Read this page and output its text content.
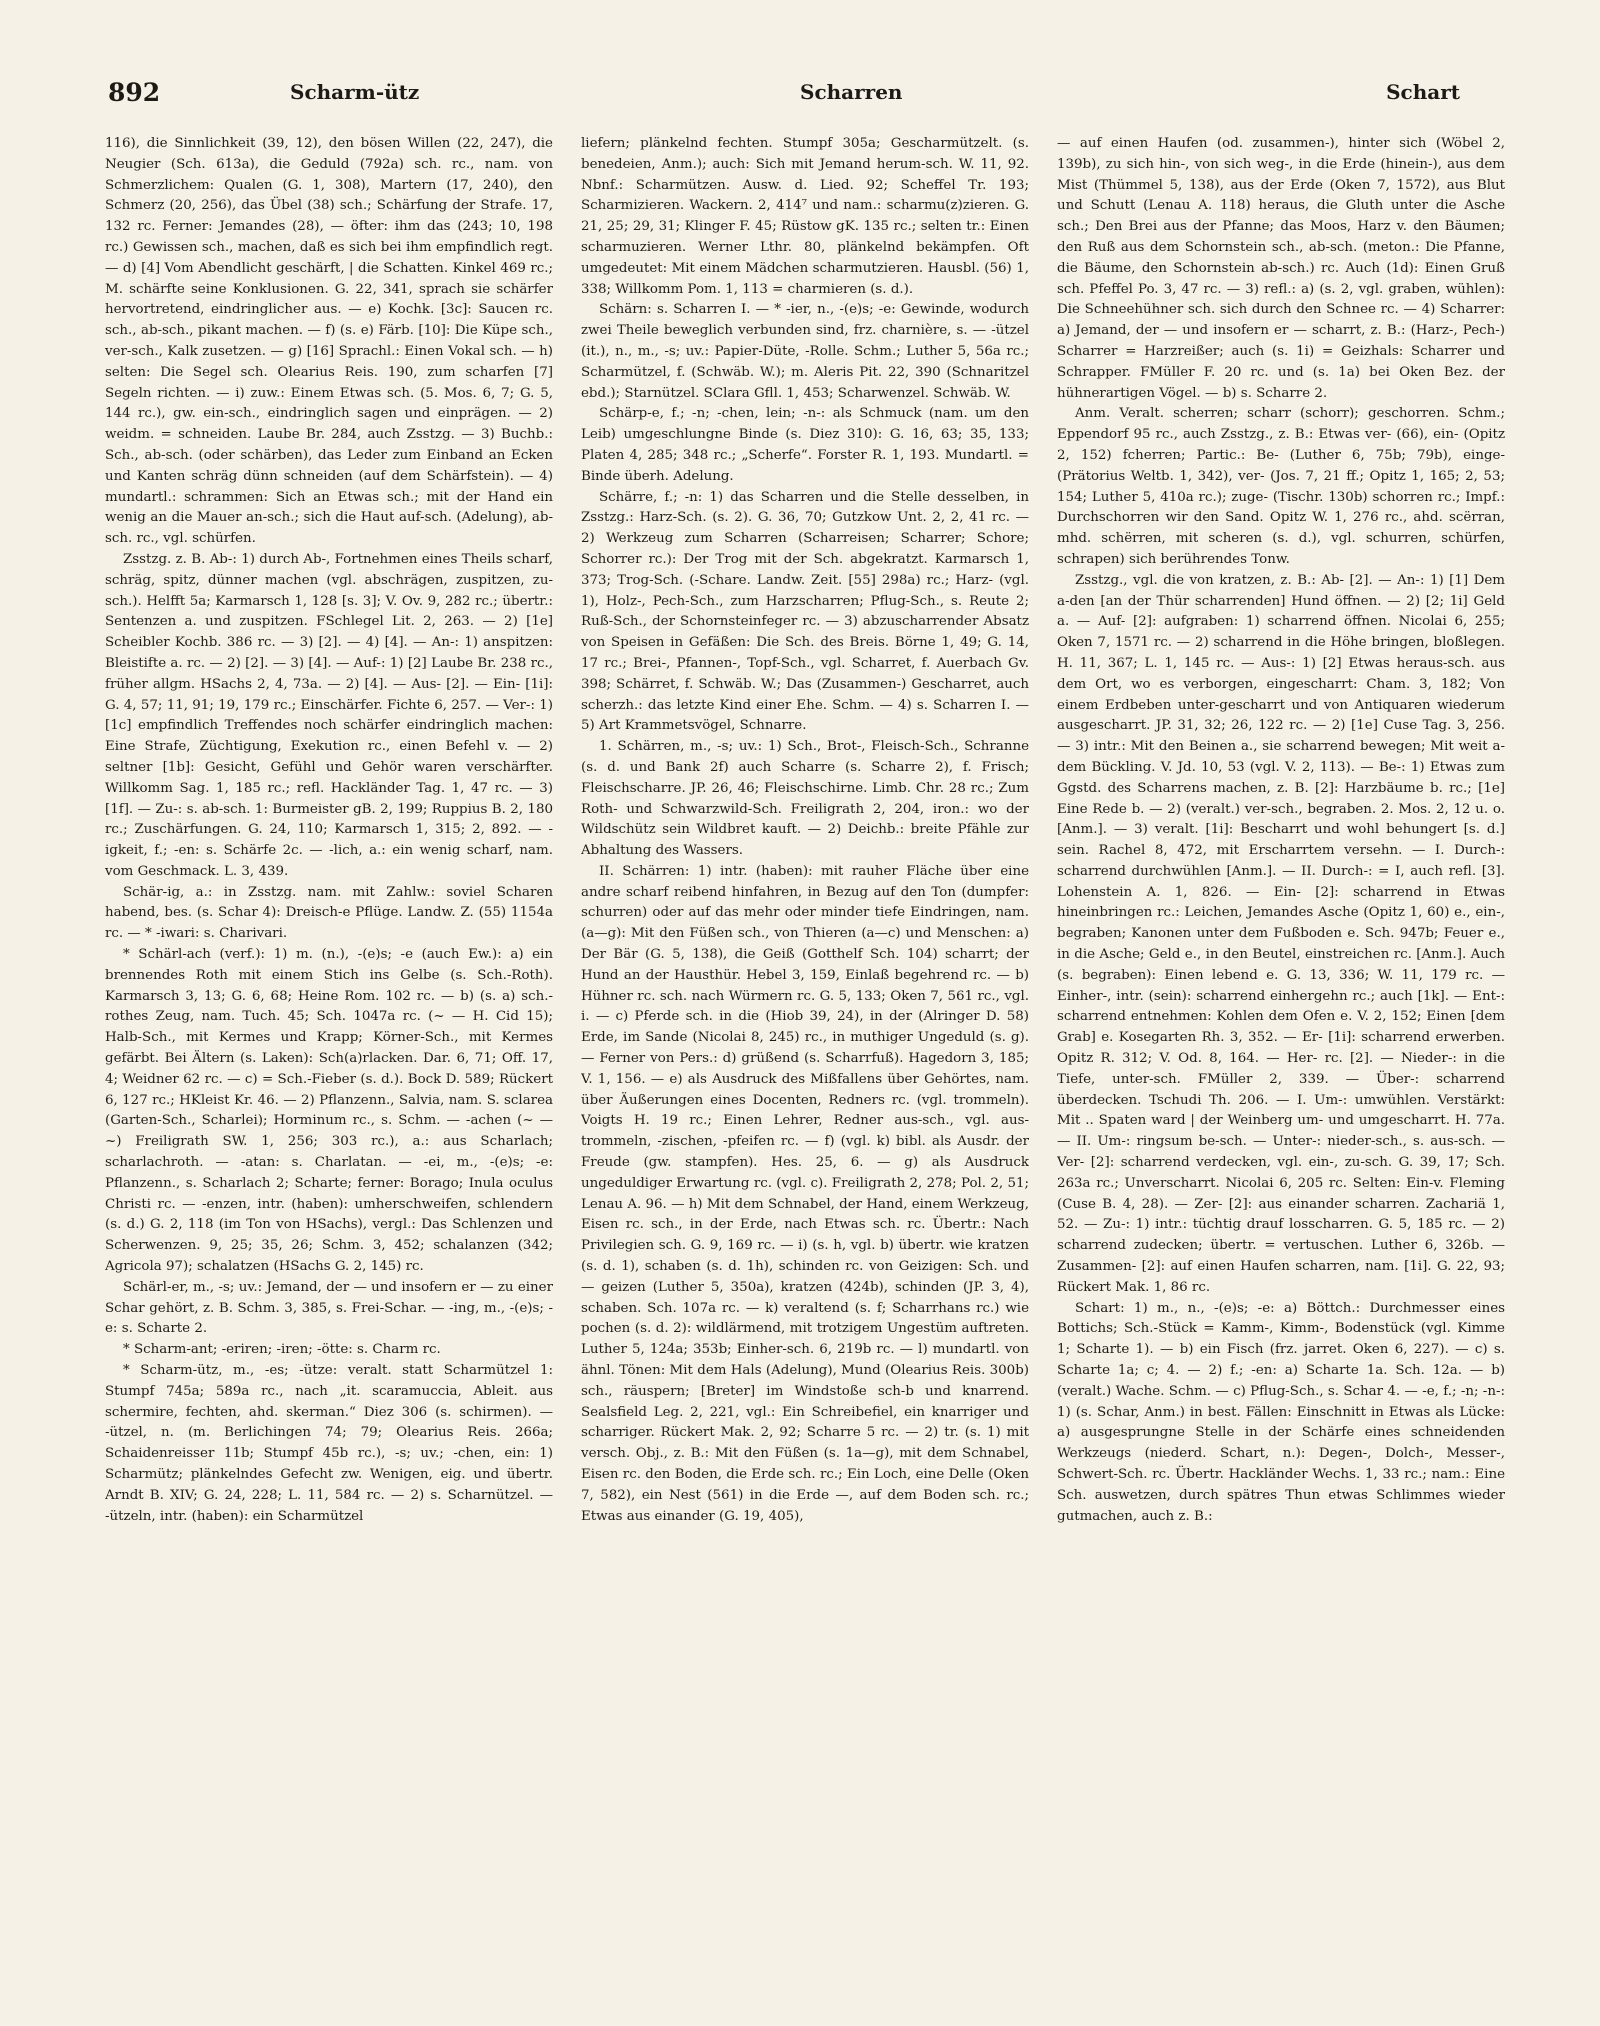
892	Scharm-ütz	Scharren	Schart

116), die Sinnlichkeit (39, 12), den bösen Willen (22, 247), die Neugier (Sch. 613a), die Geduld (792a) sch. rc., nam. von Schmerzlichem: Qualen (G. 1, 308), Martern (17, 240), den Schmerz (20, 256), das Übel (38) sch.; Schärfung der Strafe. 17, 132 rc. Ferner: Jemandes (28), — öfter: ihm das (243; 10, 198 rc.) Gewissen sch., machen, daß es sich bei ihm empfindlich regt. — d) [4] Vom Abendlicht geschärft, | die Schatten. Kinkel 469 rc.; M. schärfte seine Konklusionen. G. 22, 341, sprach sie schärfer hervortretend, eindringlicher aus. — e) Kochk. [3c]: Saucen rc. sch., ab-sch., pikant machen. — f) (s. e) Färb. [10]: Die Küpe sch., ver-sch., Kalk zusetzen. — g) [16] Sprachl.: Einen Vokal sch. — h) selten: Die Segel sch. Olearius Reis. 190, zum scharfen [7] Segeln richten. — i) zuw.: Einem Etwas sch. (5. Mos. 6, 7; G. 5, 144 rc.), gw. ein-sch., eindringlich sagen und einprägen. — 2) weidm. = schneiden. Laube Br. 284, auch Zsstzg. — 3) Buchb.: Sch., ab-sch. (oder schärben), das Leder zum Einband an Ecken und Kanten schräg dünn schneiden (auf dem Schärfstein). — 4) mundartl.: schrammen: Sich an Etwas sch.; mit der Hand ein wenig an die Mauer an-sch.; sich die Haut auf-sch. (Adelung), ab-sch. rc., vgl. schürfen.

Zsstzg. z. B. Ab-: 1) durch Ab-, Fortnehmen eines Theils scharf, schräg, spitz, dünner machen (vgl. abschrägen, zuspitzen, zu-sch.). Helfft 5a; Karmarsch 1, 128 [s. 3]; V. Ov. 9, 282 rc.; übertr.: Sentenzen a. und zuspitzen. FSchlegel Lit. 2, 263. — 2) [1e] Scheibler Kochb. 386 rc. — 3) [2]. — 4) [4]. — An-: 1) anspitzen: Bleistifte a. rc. — 2) [2]. — 3) [4]. — Auf-: 1) [2] Laube Br. 238 rc., früher allgm. HSachs 2, 4, 73a. — 2) [4]. — Aus- [2]. — Ein- [1i]: G. 4, 57; 11, 91; 19, 179 rc.; Einschärfer. Fichte 6, 257. — Ver-: 1) [1c] empfindlich Treffendes noch schärfer eindringlich machen: Eine Strafe, Züchtigung, Exekution rc., einen Befehl v. — 2) seltner [1b]: Gesicht, Gefühl und Gehör waren verschärfter. Willkomm Sag. 1, 185 rc.; refl. Hackländer Tag. 1, 47 rc. — 3) [1f]. — Zu-: s. ab-sch. 1: Burmeister gB. 2, 199; Ruppius B. 2, 180 rc.; Zuschärfungen. G. 24, 110; Karmarsch 1, 315; 2, 892. — -igkeit, f.; -en: s. Schärfe 2c. — -lich, a.: ein wenig scharf, nam. vom Geschmack. L. 3, 439.

Schär-ig, a.: in Zsstzg. nam. mit Zahlw.: soviel Scharen habend, bes. (s. Schar 4): Dreisch-e Pflüge. Landw. Z. (55) 1154a rc. — * -iwari: s. Charivari.

* Schärl-ach (verf.): 1) m. (n.), -(e)s; -e (auch Ew.): a) ein brennendes Roth mit einem Stich ins Gelbe (s. Sch.-Roth). Karmarsch 3, 13; G. 6, 68; Heine Rom. 102 rc. — b) (s. a) sch.-rothes Zeug, nam. Tuch. 45; Sch. 1047a rc. (~ — H. Cid 15); Halb-Sch., mit Kermes und Krapp; Körner-Sch., mit Kermes gefärbt. Bei Ältern (s. Laken): Sch(a)rlacken. Dar. 6, 71; Off. 17, 4; Weidner 62 rc. — c) = Sch.-Fieber (s. d.). Bock D. 589; Rückert 6, 127 rc.; HKleist Kr. 46. — 2) Pflanzenn., Salvia, nam. S. sclarea (Garten-Sch., Scharlei); Horminum rc., s. Schm. — -achen (~ — ~) Freiligrath SW. 1, 256; 303 rc.), a.: aus Scharlach; scharlachroth. — -atan: s. Charlatan. — -ei, m., -(e)s; -e: Pflanzenn., s. Scharlach 2; Scharte; ferner: Borago; Inula oculus Christi rc. — -enzen, intr. (haben): umherschweifen, schlendern (s. d.) G. 2, 118 (im Ton von HSachs), vergl.: Das Schlenzen und Scherwenzen. 9, 25; 35, 26; Schm. 3, 452; schalanzen (342; Agricola 97); schalatzen (HSachs G. 2, 145) rc.

Schärl-er, m., -s; uv.: Jemand, der — und insofern er — zu einer Schar gehört, z. B. Schm. 3, 385, s. Frei-Schar. — -ing, m., -(e)s; -e: s. Scharte 2.

* Scharm-ant; -eriren; -iren; -ötte: s. Charm rc.

* Scharm-ütz, m., -es; -ütze: veralt. statt Scharmützel 1: Stumpf 745a; 589a rc., nach „it. scaramuccia, Ableit. aus schermire, fechten, ahd. skerman.“ Diez 306 (s. schirmen). — -ützel, n. (m. Berlichingen 74; 79; Olearius Reis. 266a; Schaidenreisser 11b; Stumpf 45b rc.), -s; uv.; -chen, ein: 1) Scharmütz; plänkelndes Gefecht zw. Wenigen, eig. und übertr. Arndt B. XIV; G. 24, 228; L. 11, 584 rc. — 2) s. Scharnützel. — -ützeln, intr. (haben): ein Scharmützel

liefern; plänkelnd fechten. Stumpf 305a; Gescharmützelt. (s. benedeien, Anm.); auch: Sich mit Jemand herum-sch. W. 11, 92. Nbnf.: Scharmützen. Ausw. d. Lied. 92; Scheffel Tr. 193; Scharmizieren. Wackern. 2, 414⁷ und nam.: scharmu(z)zieren. G. 21, 25; 29, 31; Klinger F. 45; Rüstow gK. 135 rc.; selten tr.: Einen scharmuzieren. Werner Lthr. 80, plänkelnd bekämpfen. Oft umgedeutet: Mit einem Mädchen scharmutzieren. Hausbl. (56) 1, 338; Willkomm Pom. 1, 113 = charmieren (s. d.).

Schärn: s. Scharren I. — * -ier, n., -(e)s; -e: Gewinde, wodurch zwei Theile beweglich verbunden sind, frz. charnière, s. — -ützel (it.), n., m., -s; uv.: Papier-Düte, -Rolle. Schm.; Luther 5, 56a rc.; Scharmützel, f. (Schwäb. W.); m. Aleris Pit. 22, 390 (Schnaritzel ebd.); Starnützel. SClara Gfll. 1, 453; Scharwenzel. Schwäb. W.

Schärp-e, f.; -n; -chen, lein; -n-: als Schmuck (nam. um den Leib) umgeschlungne Binde (s. Diez 310): G. 16, 63; 35, 133; Platen 4, 285; 348 rc.; „Scherfe“. Forster R. 1, 193. Mundartl. = Binde überh. Adelung.

Schärre, f.; -n: 1) das Scharren und die Stelle desselben, in Zsstzg.: Harz-Sch. (s. 2). G. 36, 70; Gutzkow Unt. 2, 2, 41 rc. — 2) Werkzeug zum Scharren (Scharreisen; Scharrer; Schore; Schorrer rc.): Der Trog mit der Sch. abgekratzt. Karmarsch 1, 373; Trog-Sch. (-Schare. Landw. Zeit. [55] 298a) rc.; Harz- (vgl. 1), Holz-, Pech-Sch., zum Harzscharren; Pflug-Sch., s. Reute 2; Ruß-Sch., der Schornsteinfeger rc. — 3) abzuscharrender Absatz von Speisen in Gefäßen: Die Sch. des Breis. Börne 1, 49; G. 14, 17 rc.; Brei-, Pfannen-, Topf-Sch., vgl. Scharret, f. Auerbach Gv. 398; Schärret, f. Schwäb. W.; Das (Zusammen-) Gescharret, auch scherzh.: das letzte Kind einer Ehe. Schm. — 4) s. Scharren I. — 5) Art Krammetsvögel, Schnarre.

1. Schärren, m., -s; uv.: 1) Sch., Brot-, Fleisch-Sch., Schranne (s. d. und Bank 2f) auch Scharre (s. Scharre 2), f. Frisch; Fleischscharre. JP. 26, 46; Fleischschirne. Limb. Chr. 28 rc.; Zum Roth- und Schwarzwild-Sch. Freiligrath 2, 204, iron.: wo der Wildschütz sein Wildbret kauft. — 2) Deichb.: breite Pfähle zur Abhaltung des Wassers.

II. Schärren: 1) intr. (haben): mit rauher Fläche über eine andre scharf reibend hinfahren, in Bezug auf den Ton (dumpfer: schurren) oder auf das mehr oder minder tiefe Eindringen, nam. (a—g): Mit den Füßen sch., von Thieren (a—c) und Menschen: a) Der Bär (G. 5, 138), die Geiß (Gotthelf Sch. 104) scharrt; der Hund an der Hausthür. Hebel 3, 159, Einlaß begehrend rc. — b) Hühner rc. sch. nach Würmern rc. G. 5, 133; Oken 7, 561 rc., vgl. i. — c) Pferde sch. in die (Hiob 39, 24), in der (Alringer D. 58) Erde, im Sande (Nicolai 8, 245) rc., in muthiger Ungeduld (s. g). — Ferner von Pers.: d) grüßend (s. Scharrfuß). Hagedorn 3, 185; V. 1, 156. — e) als Ausdruck des Mißfallens über Gehörtes, nam. über Äußerungen eines Docenten, Redners rc. (vgl. trommeln). Voigts H. 19 rc.; Einen Lehrer, Redner aus-sch., vgl. aus-trommeln, -zischen, -pfeifen rc. — f) (vgl. k) bibl. als Ausdr. der Freude (gw. stampfen). Hes. 25, 6. — g) als Ausdruck ungeduldiger Erwartung rc. (vgl. c). Freiligrath 2, 278; Pol. 2, 51; Lenau A. 96. — h) Mit dem Schnabel, der Hand, einem Werkzeug, Eisen rc. sch., in der Erde, nach Etwas sch. rc. Übertr.: Nach Privilegien sch. G. 9, 169 rc. — i) (s. h, vgl. b) übertr. wie kratzen (s. d. 1), schaben (s. d. 1h), schinden rc. von Geizigen: Sch. und — geizen (Luther 5, 350a), kratzen (424b), schinden (JP. 3, 4), schaben. Sch. 107a rc. — k) veraltend (s. f; Scharrhans rc.) wie pochen (s. d. 2): wildlärmend, mit trotzigem Ungestüm auftreten. Luther 5, 124a; 353b; Einher-sch. 6, 219b rc. — l) mundartl. von ähnl. Tönen: Mit dem Hals (Adelung), Mund (Olearius Reis. 300b) sch., räuspern; [Breter] im Windstoße sch-b und knarrend. Sealsfield Leg. 2, 221, vgl.: Ein Schreibefiel, ein knarriger und scharriger. Rückert Mak. 2, 92; Scharre 5 rc. — 2) tr. (s. 1) mit versch. Obj., z. B.: Mit den Füßen (s. 1a—g), mit dem Schnabel, Eisen rc. den Boden, die Erde sch. rc.; Ein Loch, eine Delle (Oken 7, 582), ein Nest (561) in die Erde —, auf dem Boden sch. rc.; Etwas aus einander (G. 19, 405),

— auf einen Haufen (od. zusammen-), hinter sich (Wöbel 2, 139b), zu sich hin-, von sich weg-, in die Erde (hinein-), aus dem Mist (Thümmel 5, 138), aus der Erde (Oken 7, 1572), aus Blut und Schutt (Lenau A. 118) heraus, die Gluth unter die Asche sch.; Den Brei aus der Pfanne; das Moos, Harz v. den Bäumen; den Ruß aus dem Schornstein sch., ab-sch. (meton.: Die Pfanne, die Bäume, den Schornstein ab-sch.) rc. Auch (1d): Einen Gruß sch. Pfeffel Po. 3, 47 rc. — 3) refl.: a) (s. 2, vgl. graben, wühlen): Die Schneehühner sch. sich durch den Schnee rc. — 4) Scharrer: a) Jemand, der — und insofern er — scharrt, z. B.: (Harz-, Pech-) Scharrer = Harzreißer; auch (s. 1i) = Geizhals: Scharrer und Schrapper. FMüller F. 20 rc. und (s. 1a) bei Oken Bez. der hühnerartigen Vögel. — b) s. Scharre 2.

Anm. Veralt. scherren; scharr (schorr); geschorren. Schm.; Eppendorf 95 rc., auch Zsstzg., z. B.: Etwas ver- (66), ein- (Opitz 2, 152) fcherren; Partic.: Be- (Luther 6, 75b; 79b), einge- (Prätorius Weltb. 1, 342), ver- (Jos. 7, 21 ff.; Opitz 1, 165; 2, 53; 154; Luther 5, 410a rc.); zuge- (Tischr. 130b) schorren rc.; Impf.: Durchschorren wir den Sand. Opitz W. 1, 276 rc., ahd. scërran, mhd. schërren, mit scheren (s. d.), vgl. schurren, schürfen, schrapen) sich berührendes Tonw.

Zsstzg., vgl. die von kratzen, z. B.: Ab- [2]. — An-: 1) [1] Dem a-den [an der Thür scharrenden] Hund öffnen. — 2) [2; 1i] Geld a. — Auf- [2]: aufgraben: 1) scharrend öffnen. Nicolai 6, 255; Oken 7, 1571 rc. — 2) scharrend in die Höhe bringen, bloßlegen. H. 11, 367; L. 1, 145 rc. — Aus-: 1) [2] Etwas heraus-sch. aus dem Ort, wo es verborgen, eingescharrt: Cham. 3, 182; Von einem Erdbeben unter-gescharrt und von Antiquaren wiederum ausgescharrt. JP. 31, 32; 26, 122 rc. — 2) [1e] Cuse Tag. 3, 256. — 3) intr.: Mit den Beinen a., sie scharrend bewegen; Mit weit a-dem Bückling. V. Jd. 10, 53 (vgl. V. 2, 113). — Be-: 1) Etwas zum Ggstd. des Scharrens machen, z. B. [2]: Harzbäume b. rc.; [1e] Eine Rede b. — 2) (veralt.) ver-sch., begraben. 2. Mos. 2, 12 u. o. [Anm.]. — 3) veralt. [1i]: Bescharrt und wohl behungert [s. d.] sein. Rachel 8, 472, mit Erscharrtem versehn. — I. Durch-: scharrend durchwühlen [Anm.]. — II. Durch-: = I, auch refl. [3]. Lohenstein A. 1, 826. — Ein- [2]: scharrend in Etwas hineinbringen rc.: Leichen, Jemandes Asche (Opitz 1, 60) e., ein-, begraben; Kanonen unter dem Fußboden e. Sch. 947b; Feuer e., in die Asche; Geld e., in den Beutel, einstreichen rc. [Anm.]. Auch (s. begraben): Einen lebend e. G. 13, 336; W. 11, 179 rc. — Einher-, intr. (sein): scharrend einhergehn rc.; auch [1k]. — Ent-: scharrend entnehmen: Kohlen dem Ofen e. V. 2, 152; Einen [dem Grab] e. Kosegarten Rh. 3, 352. — Er- [1i]: scharrend erwerben. Opitz R. 312; V. Od. 8, 164. — Her- rc. [2]. — Nieder-: in die Tiefe, unter-sch. FMüller 2, 339. — Über-: scharrend überdecken. Tschudi Th. 206. — I. Um-: umwühlen. Verstärkt: Mit .. Spaten ward | der Weinberg um- und umgescharrt. H. 77a. — II. Um-: ringsum be-sch. — Unter-: nieder-sch., s. aus-sch. — Ver- [2]: scharrend verdecken, vgl. ein-, zu-sch. G. 39, 17; Sch. 263a rc.; Unverscharrt. Nicolai 6, 205 rc. Selten: Ein-v. Fleming (Cuse B. 4, 28). — Zer- [2]: aus einander scharren. Zachariä 1, 52. — Zu-: 1) intr.: tüchtig drauf losscharren. G. 5, 185 rc. — 2) scharrend zudecken; übertr. = vertuschen. Luther 6, 326b. — Zusammen- [2]: auf einen Haufen scharren, nam. [1i]. G. 22, 93; Rückert Mak. 1, 86 rc.

Schart: 1) m., n., -(e)s; -e: a) Böttch.: Durchmesser eines Bottichs; Sch.-Stück = Kamm-, Kimm-, Bodenstück (vgl. Kimme 1; Scharte 1). — b) ein Fisch (frz. jarret. Oken 6, 227). — c) s. Scharte 1a; c; 4. — 2) f.; -en: a) Scharte 1a. Sch. 12a. — b) (veralt.) Wache. Schm. — c) Pflug-Sch., s. Schar 4. — -e, f.; -n; -n-: 1) (s. Schar, Anm.) in best. Fällen: Einschnitt in Etwas als Lücke: a) ausgesprungne Stelle in der Schärfe eines schneidenden Werkzeugs (niederd. Schart, n.): Degen-, Dolch-, Messer-, Schwert-Sch. rc. Übertr. Hackländer Wechs. 1, 33 rc.; nam.: Eine Sch. auswetzen, durch spätres Thun etwas Schlimmes wieder gutmachen, auch z. B.:
